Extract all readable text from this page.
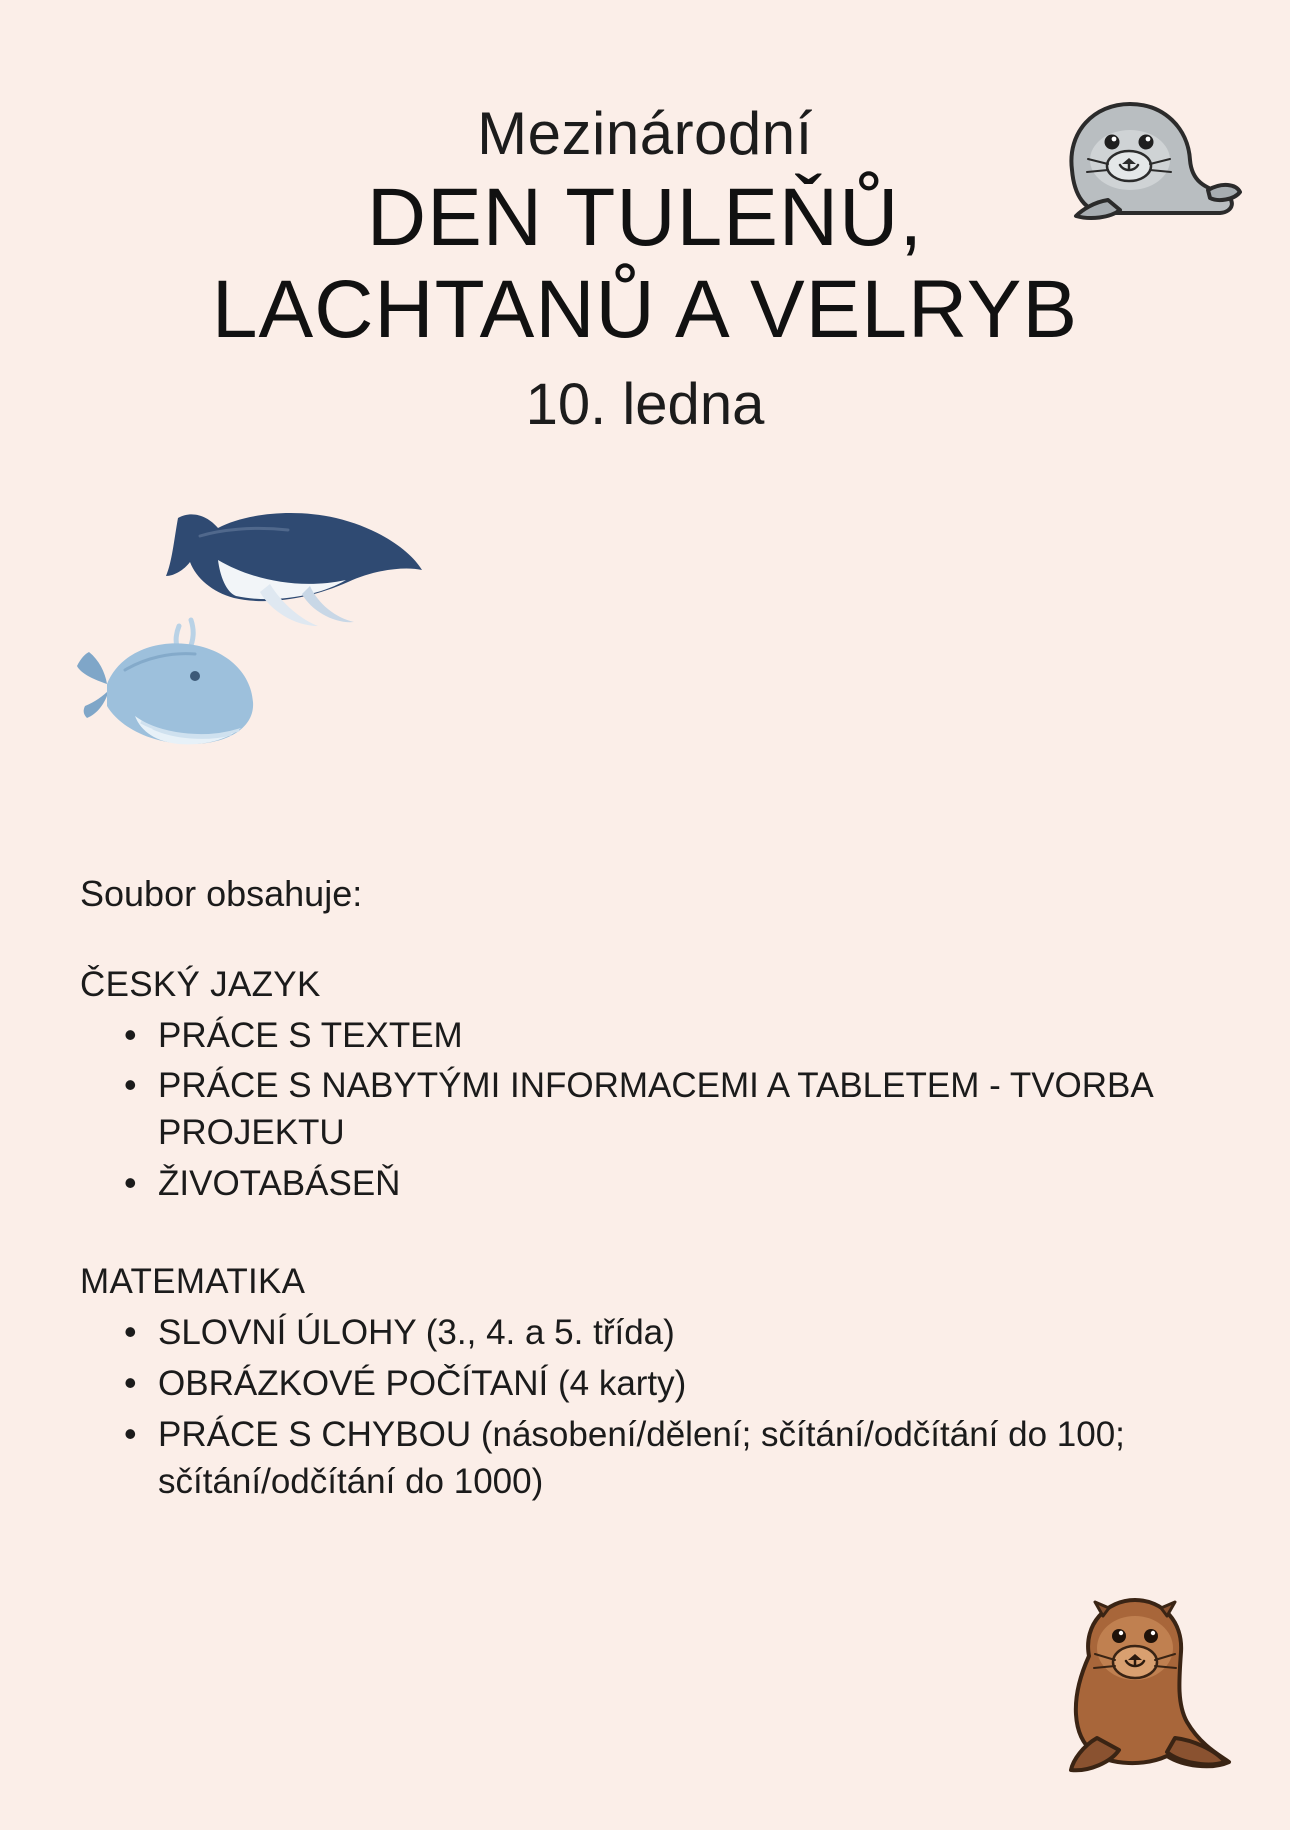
Mezinárodní
DEN TULEŇŮ,
LACHTANŮ A VELRYB
10. ledna
Soubor obsahuje:
ČESKÝ JAZYK
• PRÁCE S TEXTEM
• PRÁCE S NABYTÝMI INFORMACEMI A TABLETEM - TVORBA PROJEKTU
• ŽIVOTABÁSEŇ
MATEMATIKA
• SLOVNÍ ÚLOHY (3., 4. a 5. třída)
• OBRÁZKOVÉ POČÍTANÍ (4 karty)
• PRÁCE S CHYBOU (násobení/dělení; sčítání/odčítání do 100; sčítání/odčítání do 1000)
